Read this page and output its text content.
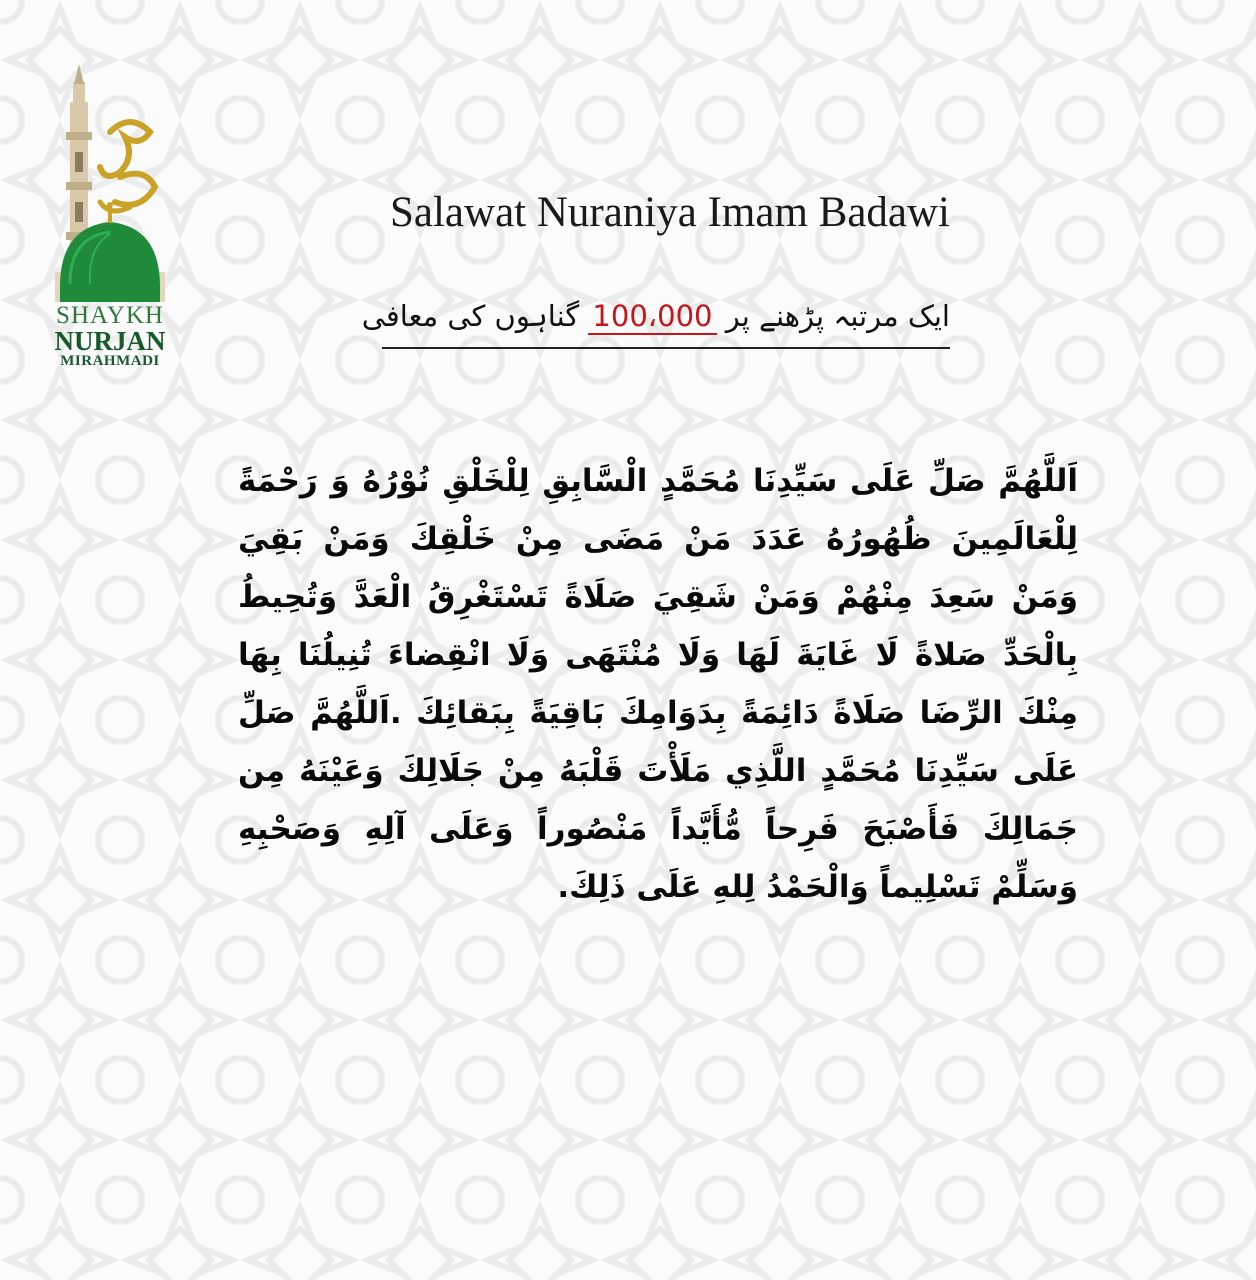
SHAYKH
NURJAN
MIRAHMADI
Salawat Nuraniya Imam Badawi
ایک مرتبہ پڑھنے پر 100،000 گناہوں کی معافی

اَللَّهُمَّ صَلِّ عَلَى سَيِّدِنَا مُحَمَّدٍ الْسَّابِقِ لِلْخَلْقِ نُوْرُهُ وَ رَحْمَةً لِلْعَالَمِينَ ظُهُورُهُ عَدَدَ مَنْ مَضَى مِنْ خَلْقِكَ وَمَنْ بَقِيَ وَمَنْ سَعِدَ مِنْهُمْ وَمَنْ شَقِيَ صَلَاةً تَسْتَغْرِقُ الْعَدَّ وَتُحِيطُ بِالْحَدِّ صَلاةً لَا غَايَةَ لَهَا وَلَا مُنْتَهَى وَلَا انْقِضاءَ تُنِيلُنَا بِهَا مِنْكَ الرِّضَا صَلَاةً دَائِمَةً بِدَوَامِكَ بَاقِيَةً بِبَقائِكَ .اَللَّهُمَّ صَلِّ عَلَى سَيِّدِنَا مُحَمَّدٍ اللَّذِي مَلَأْتَ قَلْبَهُ مِنْ جَلَالِكَ وَعَيْنَهُ مِن جَمَالِكَ فَأَصْبَحَ فَرِحاً مُّأَيَّداً مَنْصُوراً وَعَلَى آلِهِ وَصَحْبِهِ وَسَلِّمْ تَسْلِيماً وَالْحَمْدُ لِلهِ عَلَى ذَلِكَ.
